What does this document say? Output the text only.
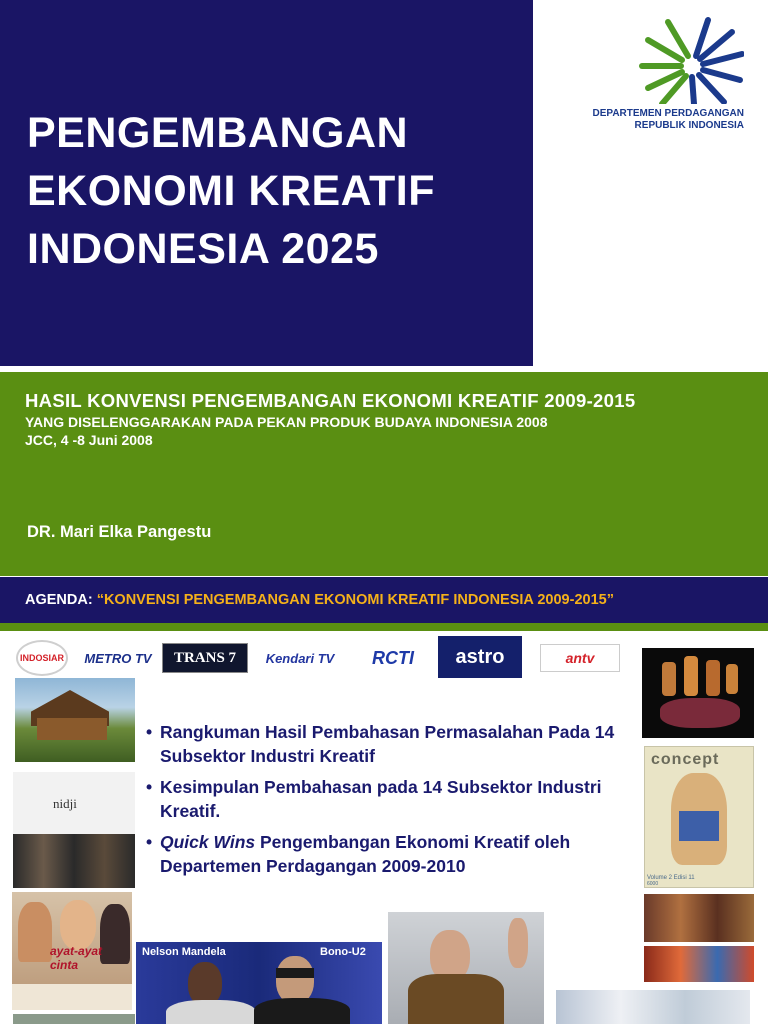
PENGEMBANGAN
EKONOMI KREATIF
INDONESIA 2025
DEPARTEMEN PERDAGANGAN
REPUBLIK INDONESIA
HASIL KONVENSI PENGEMBANGAN EKONOMI KREATIF 2009-2015
YANG DISELENGGARAKAN PADA PEKAN PRODUK BUDAYA INDONESIA 2008
JCC, 4 -8 Juni 2008
DR. Mari Elka Pangestu
AGENDA: “KONVENSI PENGEMBANGAN EKONOMI KREATIF INDONESIA 2009-2015”
INDOSIAR METRO TV TRANS 7 Kendari TV RCTI astro	antv
nidji
ayat-ayat cinta
• Rangkuman Hasil Pembahasan Permasalahan Pada 14 Subsektor Industri Kreatif
• Kesimpulan Pembahasan pada 14 Subsektor Industri Kreatif.
• Quick Wins Pengembangan Ekonomi Kreatif oleh Departemen Perdagangan 2009-2010
concept
Volume 2 Edisi 11
6000
Nelson Mandela	Bono-U2
